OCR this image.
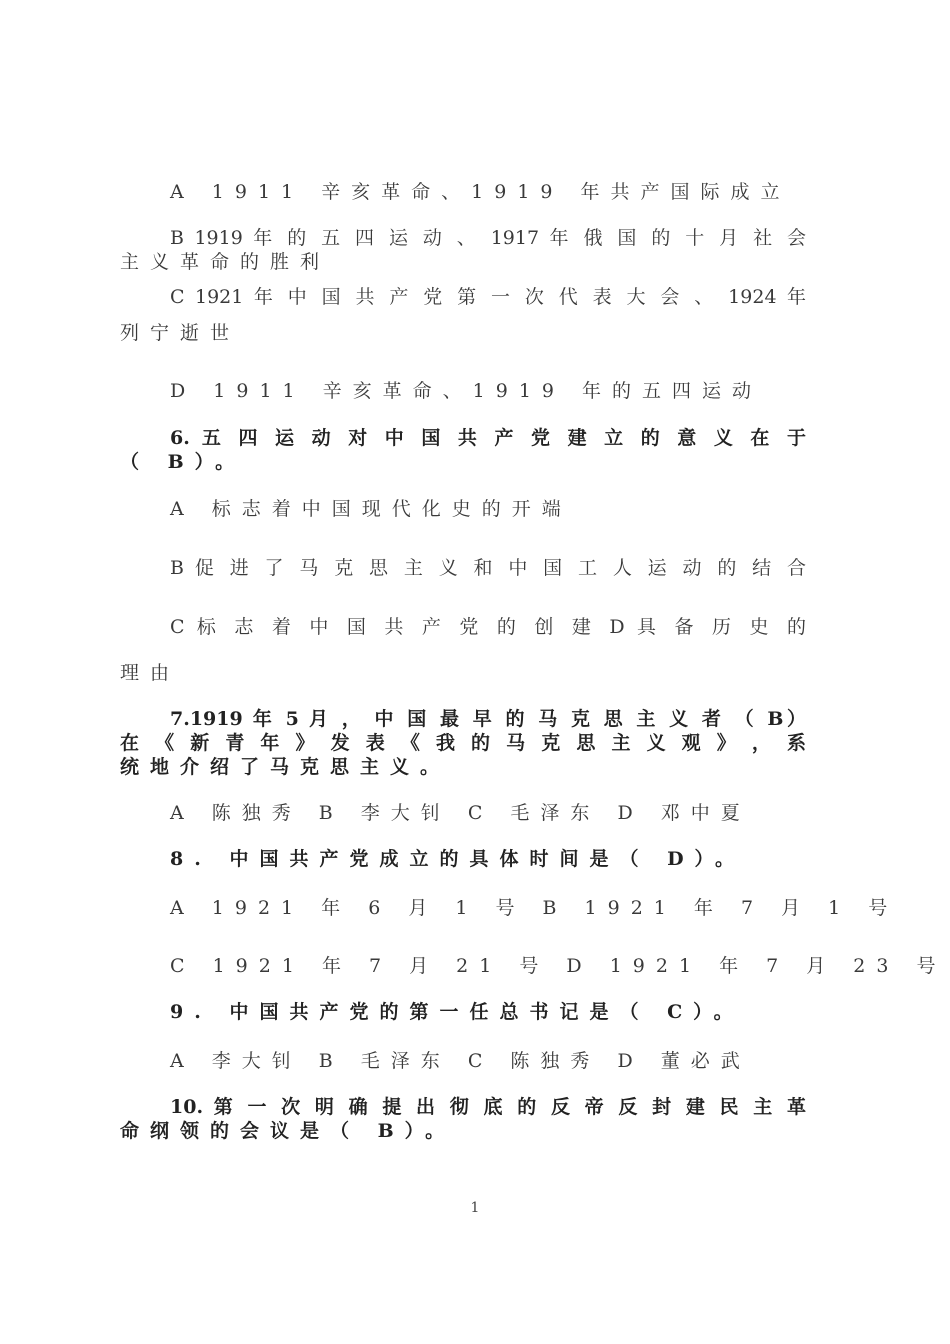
A 1911 辛亥革命、1919 年共产国际成立
B 1919 年 的 五 四 运 动 、 1917 年 俄 国 的 十 月 社 会
主义革命的胜利
C 1921 年 中 国 共 产 党 第 一 次 代 表 大 会 、 1924 年
列宁逝世
D 1911 辛亥革命、1919 年的五四运动
6. 五 四 运 动 对 中 国 共 产 党 建 立 的 意 义 在 于
（ B）。
A 标志着中国现代化史的开端
B 促 进 了 马 克 思 主 义 和 中 国 工 人 运 动 的 结 合
C 标 志 着 中 国 共 产 党 的 创 建 D 具 备 历 史 的
理由
7.1919 年 5 月 ， 中 国 最 早 的 马 克 思 主 义 者 （ B）
在 《 新 青 年 》 发 表 《 我 的 马 克 思 主 义 观 》 ， 系
统地介绍了马克思主义。
A 陈独秀 B 李大钊 C 毛泽东 D 邓中夏
8. 中国共产党成立的具体时间是（ D）。
A 1921 年 6 月 1 号 B 1921 年 7 月 1 号
C 1921 年 7 月 21 号 D 1921 年 7 月 23 号
9. 中国共产党的第一任总书记是（ C）。
A 李大钊 B 毛泽东 C 陈独秀 D 董必武
10. 第 一 次 明 确 提 出 彻 底 的 反 帝 反 封 建 民 主 革
命纲领的会议是（ B）。
1
